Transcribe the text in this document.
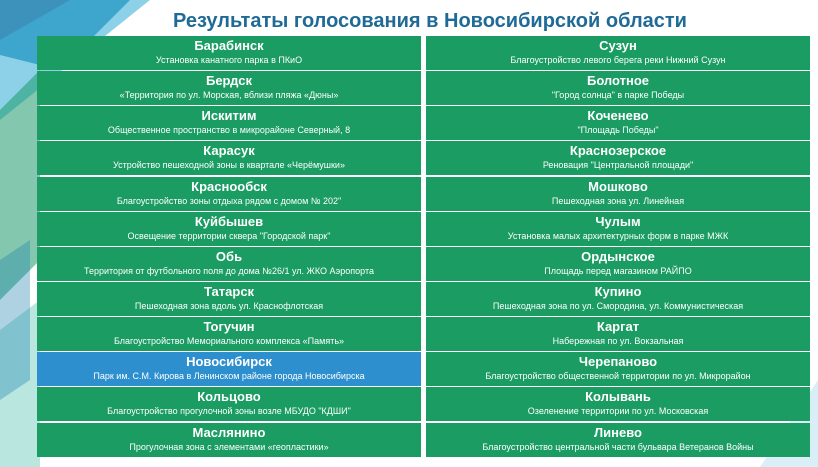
Результаты голосования в Новосибирской области
Барабинск
Установка канатного парка в ПКиО
Бердск
«Территория по ул. Морская, вблизи пляжа «Дюны»
Искитим
Общественное пространство в микрорайоне Северный, 8
Карасук
Устройство пешеходной зоны в квартале «Черёмушки»
Краснообск
Благоустройство зоны отдыха рядом с домом № 202"
Куйбышев
Освещение территории сквера "Городской парк"
Обь
Территория от футбольного поля до дома №26/1 ул. ЖКО Аэропорта
Татарск
Пешеходная зона вдоль ул. Краснофлотская
Тогучин
Благоустройство Мемориального комплекса «Память»
Новосибирск
Парк им. С.М. Кирова в Ленинском районе города Новосибирска
Кольцово
Благоустройство прогулочной зоны возле МБУДО "КДШИ"
Маслянино
Прогулочная зона с элементами «геопластики»
Сузун
Благоустройство левого берега реки Нижний Сузун
Болотное
"Город солнца" в парке Победы
Коченево
"Площадь Победы"
Краснозерское
Реновация "Центральной площади"
Мошково
Пешеходная зона ул. Линейная
Чулым
Установка малых архитектурных форм в парке МЖК
Ордынское
Площадь перед магазином РАЙПО
Купино
Пешеходная зона по ул. Смородина, ул. Коммунистическая
Каргат
Набережная по ул. Вокзальная
Черепаново
Благоустройство общественной территории по ул. Микрорайон
Колывань
Озеленение территории по ул. Московская
Линево
Благоустройство центральной части бульвара Ветеранов Войны
